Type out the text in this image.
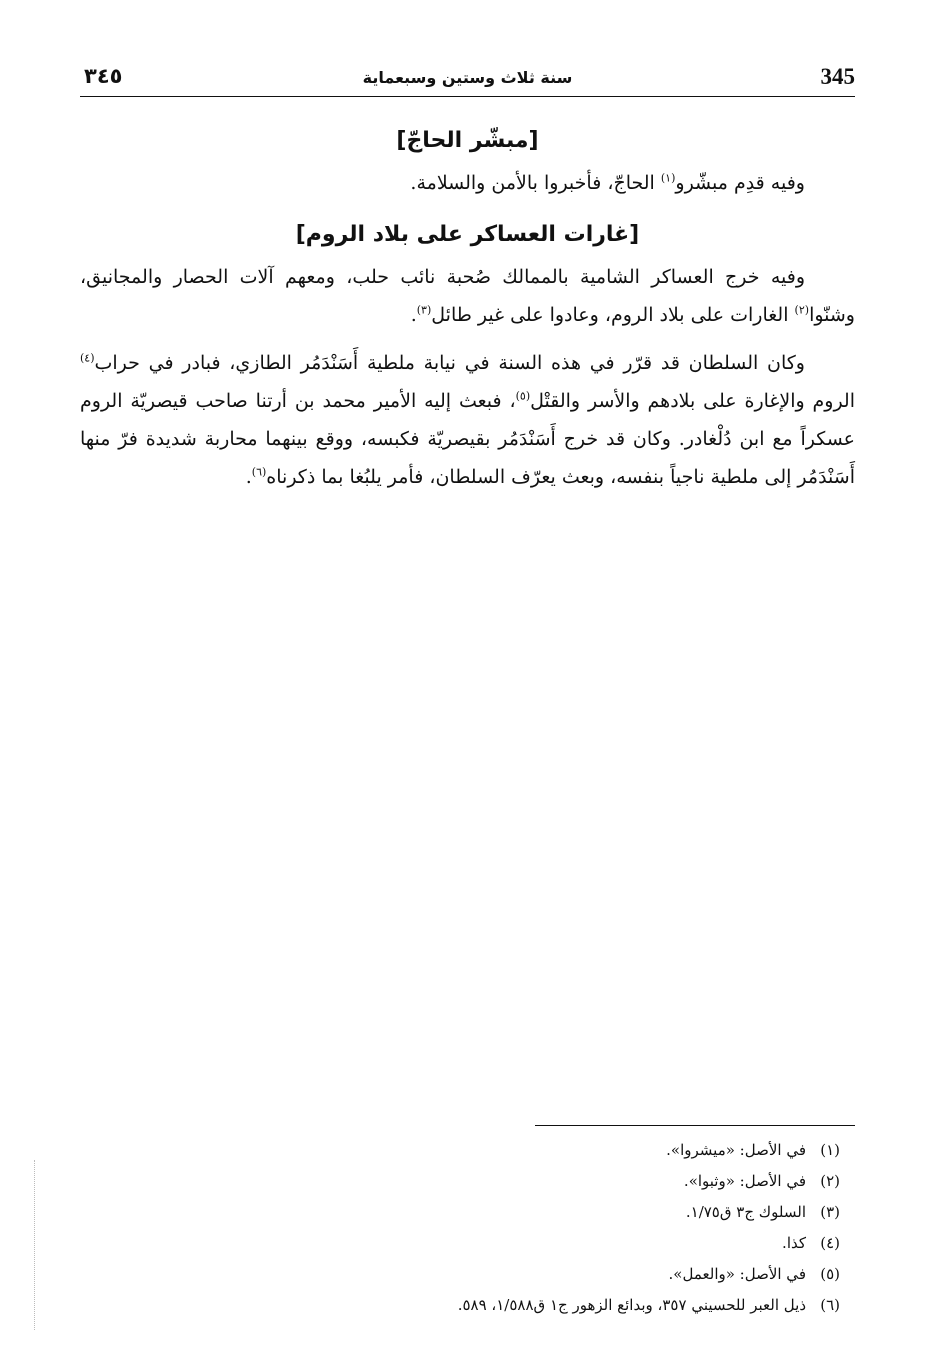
345
سنة ثلاث وستين وسبعماية
٣٤٥
[مبشّر الحاجّ]

وفيه قدِم مبشّرو$^{(١)}$ الحاجّ، فأخبروا بالأمن والسلامة.

[غارات العساكر على بلاد الروم]

وفيه خرج العساكر الشامية بالممالك صُحبة نائب حلب، ومعهم آلات الحصار والمجانيق، وشنّوا$^{(٢)}$ الغارات على بلاد الروم، وعادوا على غير طائل$^{(٣)}$.

وكان السلطان قد قرّر في هذه السنة في نيابة ملطية أَسَنْدَمُر الطازي، فبادر في حراب$^{(٤)}$ الروم والإغارة على بلادهم والأسر والقتْل$^{(٥)}$، فبعث إليه الأمير محمد بن أرتنا صاحب قيصريّة الروم عسكراً مع ابن دُلْغادر. وكان قد خرج أَسَنْدَمُر بقيصريّة فكبسه، ووقع بينهما محاربة شديدة فرّ منها أَسَنْدَمُر إلى ملطية ناجياً بنفسه، وبعث يعرّف السلطان، فأمر يلبُغا بما ذكرناه$^{(٦)}$.

(١)في الأصل: «ميشروا».
(٢)في الأصل: «وثبوا».
(٣)السلوك ج٣ ق١/٧٥.
(٤)كذا.
(٥)في الأصل: «والعمل».
(٦)ذيل العبر للحسيني ٣٥٧، وبدائع الزهور ج١ ق١/٥٨٨، ٥٨٩.
